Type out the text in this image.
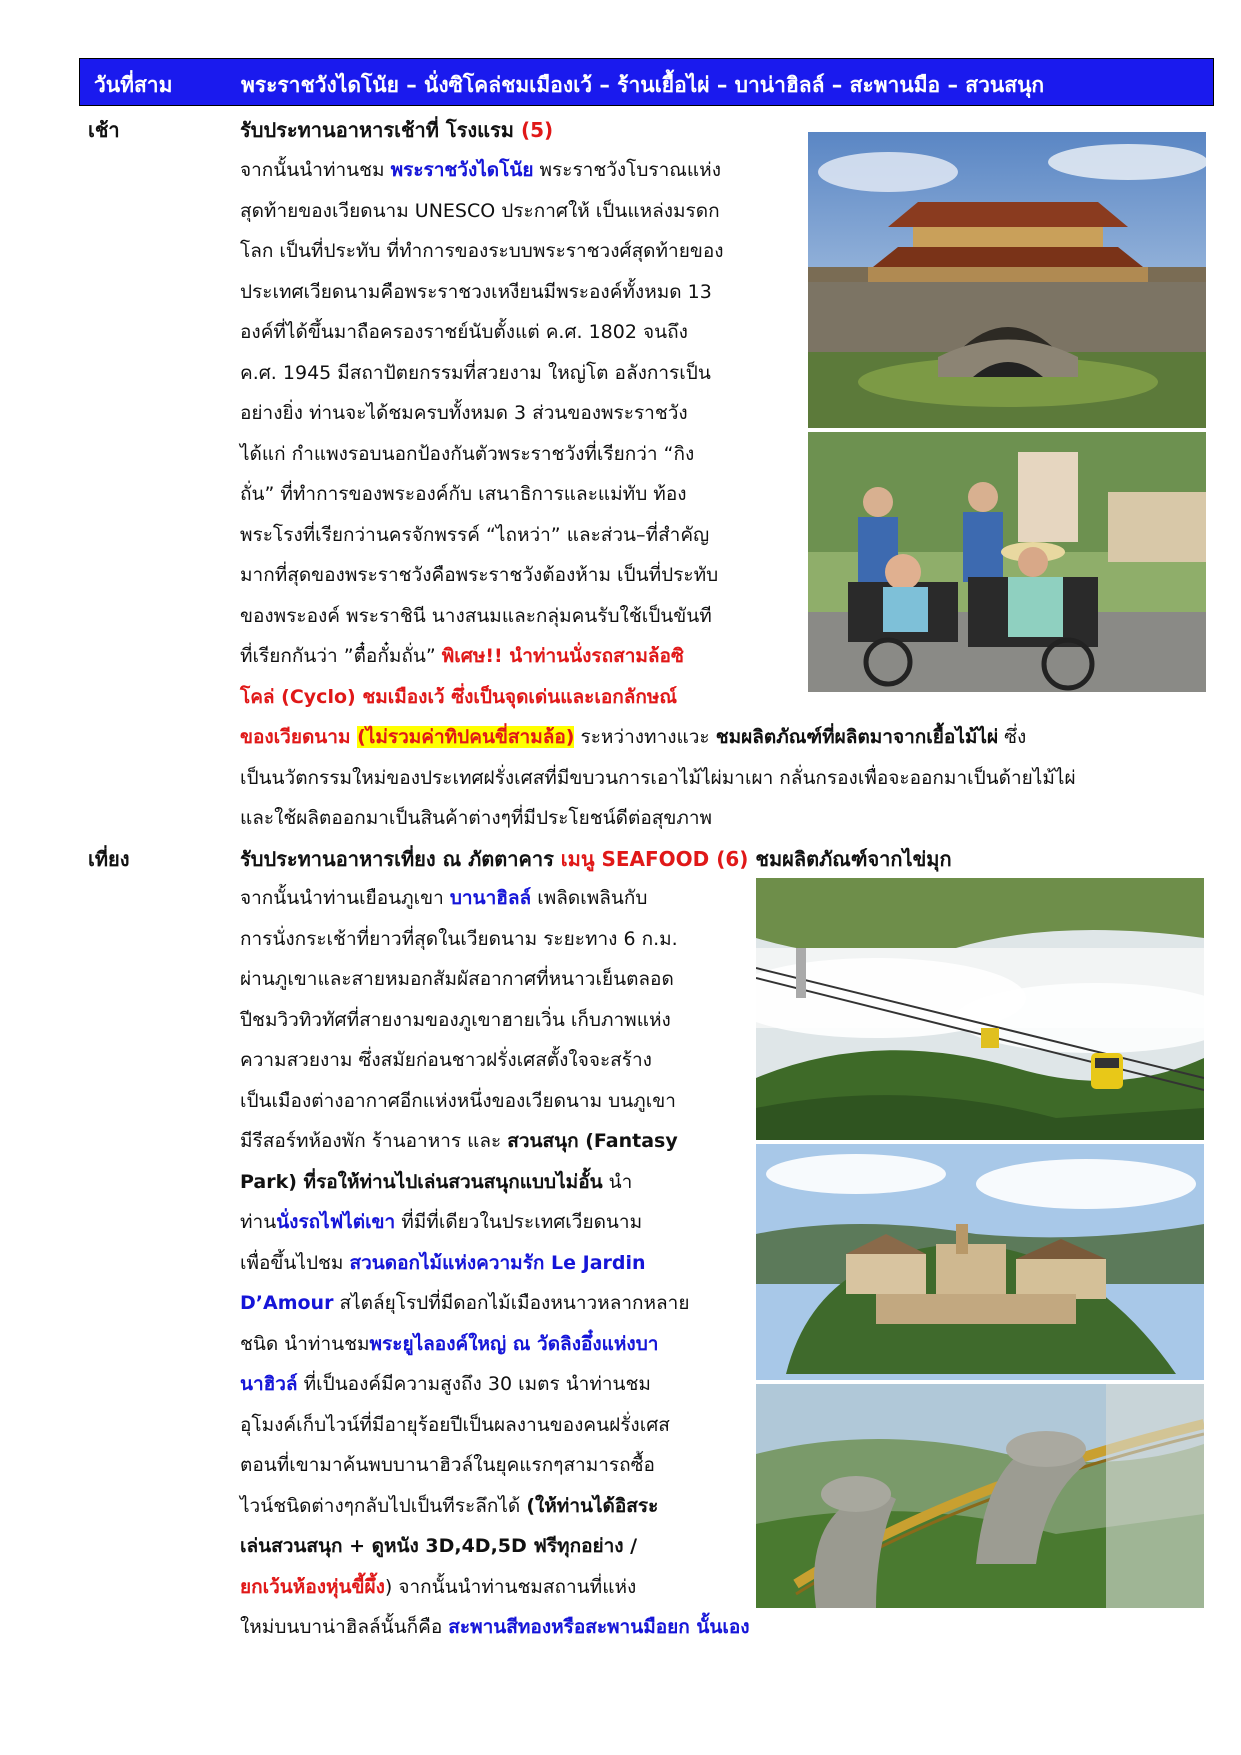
วันที่สาม	พระราชวังไดโนัย – นั่งซิโคล่ชมเมืองเว้ – ร้านเยื้อไผ่ – บาน่าฮิลล์ – สะพานมือ – สวนสนุก
เช้า	รับประทานอาหารเช้าที่ โรงแรม (5)
จากนั้นนำท่านชม พระราชวังไดโนัย พระราชวังโบราณแห่ง
สุดท้ายของเวียดนาม UNESCO ประกาศให้ เป็นแหล่งมรดก
โลก เป็นที่ประทับ ที่ทำการของระบบพระราชวงศ์สุดท้ายของ
ประเทศเวียดนามคือพระราชวงเหงียนมีพระองค์ทั้งหมด 13
องค์ที่ได้ขึ้นมาถือครองราชย์นับตั้งแต่ ค.ศ. 1802 จนถึง
ค.ศ. 1945 มีสถาปัตยกรรมที่สวยงาม ใหญ่โต อลังการเป็น
อย่างยิ่ง ท่านจะได้ชมครบทั้งหมด 3 ส่วนของพระราชวัง
ได้แก่ กำแพงรอบนอกป้องกันตัวพระราชวังที่เรียกว่า “กิง
ถั่น” ที่ทำการของพระองค์กับ เสนาธิการและแม่ทับ ท้อง
พระโรงที่เรียกว่านครจักพรรค์ “ไถหว่า” และส่วน–ที่สำคัญ
มากที่สุดของพระราชวังคือพระราชวังต้องห้าม เป็นที่ประทับ
ของพระองค์ พระราชินี นางสนมและกลุ่มคนรับใช้เป็นขันที
ที่เรียกกันว่า ”ตื๋อกั๋มถั่น” พิเศษ!! นำท่านนั่งรถสามล้อซิ
โคล่ (Cyclo) ชมเมืองเว้ ซึ่งเป็นจุดเด่นและเอกลักษณ์
ของเวียดนาม (ไม่รวมค่าทิปคนขี่สามล้อ) ระหว่างทางแวะ ชมผลิตภัณฑ์ที่ผลิตมาจากเยื้อไม้ไผ่ ซึ่ง
เป็นนวัตกรรมใหม่ของประเทศฝรั่งเศสที่มีขบวนการเอาไม้ไผ่มาเผา กลั่นกรองเพื่อจะออกมาเป็นด้ายไม้ไผ่
และใช้ผลิตออกมาเป็นสินค้าต่างๆที่มีประโยชน์ดีต่อสุขภาพ
เที่ยง	รับประทานอาหารเที่ยง ณ ภัตตาคาร เมนู SEAFOOD (6) ชมผลิตภัณฑ์จากไข่มุก
จากนั้นนำท่านเยือนภูเขา บานาฮิลล์ เพลิดเพลินกับ
การนั่งกระเช้าที่ยาวที่สุดในเวียดนาม ระยะทาง 6 ก.ม.
ผ่านภูเขาและสายหมอกสัมผัสอากาศที่หนาวเย็นตลอด
ปีชมวิวทิวทัศที่สายงามของภูเขาฮายเวิ่น เก็บภาพแห่ง
ความสวยงาม ซึ่งสมัยก่อนชาวฝรั่งเศสตั้งใจจะสร้าง
เป็นเมืองต่างอากาศอีกแห่งหนึ่งของเวียดนาม บนภูเขา
มีรีสอร์ทห้องพัก ร้านอาหาร และ สวนสนุก (Fantasy
Park) ที่รอให้ท่านไปเล่นสวนสนุกแบบไม่อั้น นำ
ท่านนั่งรถไฟไต่เขา ที่มีที่เดียวในประเทศเวียดนาม
เพื่อขึ้นไปชม สวนดอกไม้แห่งความรัก Le Jardin
D’Amour สไตล์ยุโรปที่มีดอกไม้เมืองหนาวหลากหลาย
ชนิด นำท่านชมพระยูไลองค์ใหญ่ ณ วัดลิงอึ๋งแห่งบา
นาฮิวล์ ที่เป็นองค์มีความสูงถึง 30 เมตร นำท่านชม
อุโมงค์เก็บไวน์ที่มีอายุร้อยปีเป็นผลงานของคนฝรั่งเศส
ตอนที่เขามาค้นพบบานาฮิวล์ในยุคแรกๆสามารถซื้อ
ไวน์ชนิดต่างๆกลับไปเป็นทีระลึกได้ (ให้ท่านได้อิสระ
เล่นสวนสนุก + ดูหนัง 3D,4D,5D ฟรีทุกอย่าง /
ยกเว้นห้องหุ่นขี้ผึ้ง) จากนั้นนำท่านชมสถานที่แห่ง
ใหม่บนบาน่าฮิลล์นั้นก็คือ สะพานสีทองหรือสะพานมือยก นั้นเอง
